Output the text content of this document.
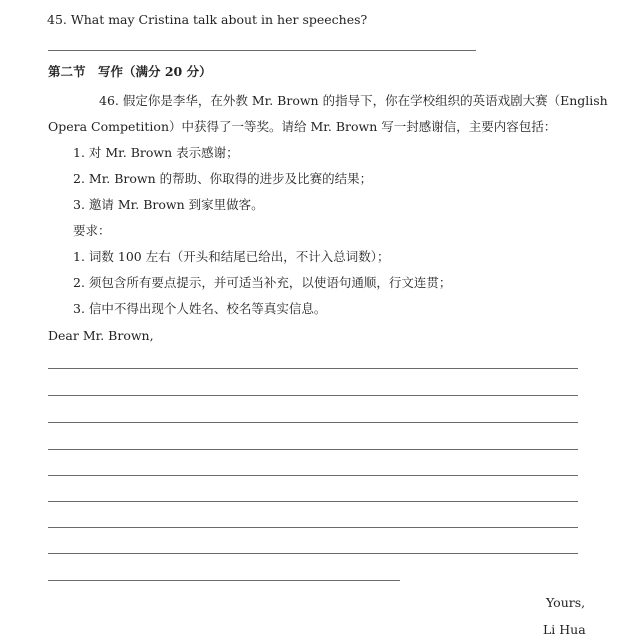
45. What may Cristina talk about in her speeches?
第二节　写作（满分 20 分）
46. 假定你是李华，在外教 Mr. Brown 的指导下，你在学校组织的英语戏剧大赛（English
Opera Competition）中获得了一等奖。请给 Mr. Brown 写一封感谢信，主要内容包括：
1. 对 Mr. Brown 表示感谢；
2. Mr. Brown 的帮助、你取得的进步及比赛的结果；
3. 邀请 Mr. Brown 到家里做客。
要求：
1. 词数 100 左右（开头和结尾已给出，不计入总词数）；
2. 须包含所有要点提示，并可适当补充，以使语句通顺，行文连贯；
3. 信中不得出现个人姓名、校名等真实信息。
Dear Mr. Brown,
Yours,
Li Hua
